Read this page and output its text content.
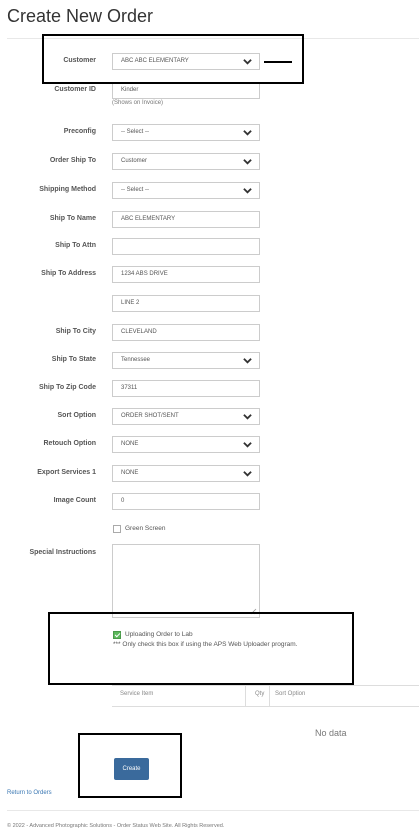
Create New Order
Customer	ABC ABC ELEMENTARY
Customer ID	Kinder
(Shows on Invoice)
Preconfig	-- Select --
Order Ship To	Customer
Shipping Method	-- Select --
Ship To Name	ABC ELEMENTARY
Ship To Attn
Ship To Address	1234 ABS DRIVE
LINE 2
Ship To City	CLEVELAND
Ship To State	Tennessee
Ship To Zip Code	37311
Sort Option	ORDER SHOT/SENT
Retouch Option	NONE
Export Services 1	NONE
Image Count	0
Green Screen
Special Instructions
Uploading Order to Lab
*** Only check this box if using the APS Web Uploader program.
Service Item	Qty Sort Option
No data
Create
Return to Orders
© 2022 - Advanced Photographic Solutions - Order Status Web Site. All Rights Reserved.
